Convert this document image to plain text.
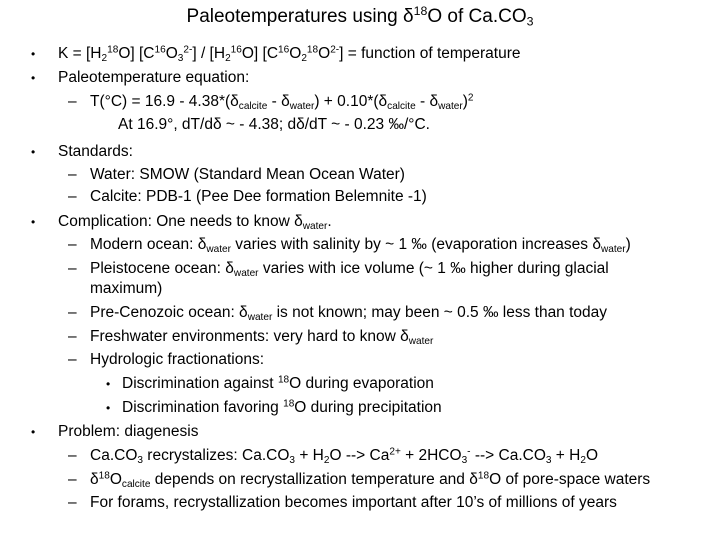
Paleotemperatures using $\delta^{18}O$ of $Ca.CO_3$
• $K = [H_2^{18}O]$ $[C^{16}O_3^{2-}] / [H_2^{16}O] [C^{16}O_2^{18}O^{2-}]$ = function of temperature
• Paleotemperature equation:
– $T(^\circ C) = 16.9 - 4.38*(\delta_{calcite} - \delta_{water}) + 0.10*(\delta_{calcite} - \delta_{water})^2$
At 16.9°, dT/dδ ~ - 4.38; dδ/dT ~ - 0.23 ‰/°C.
• Standards:
– Water: SMOW (Standard Mean Ocean Water)
– Calcite: PDB-1 (Pee Dee formation Belemnite -1)
• Complication: One needs to know $\delta_{water}$.
– Modern ocean: $\delta_{water}$ varies with salinity by ~ 1 ‰ (evaporation increases $\delta_{water}$)
– Pleistocene ocean: $\delta_{water}$ varies with ice volume (~ 1 ‰ higher during glacial
maximum)
– Pre-Cenozoic ocean: $\delta_{water}$ is not known; may been ~ 0.5 ‰ less than today
– Freshwater environments: very hard to know $\delta_{water}$
– Hydrologic fractionations:
• Discrimination against $^{18}$O during evaporation
• Discrimination favoring $^{18}$O during precipitation
• Problem: diagenesis
– $Ca.CO_3$ recrystalizes: $Ca.CO_3 + H_2O$ --> $Ca^{2+} + 2HCO_3^-$ --> $Ca.CO_3 + H_2O$
– $\delta^{18}O_{calcite}$ depends on recrystallization temperature and $\delta^{18}O$ of pore-space waters
– For forams, recrystallization becomes important after 10’s of millions of years
